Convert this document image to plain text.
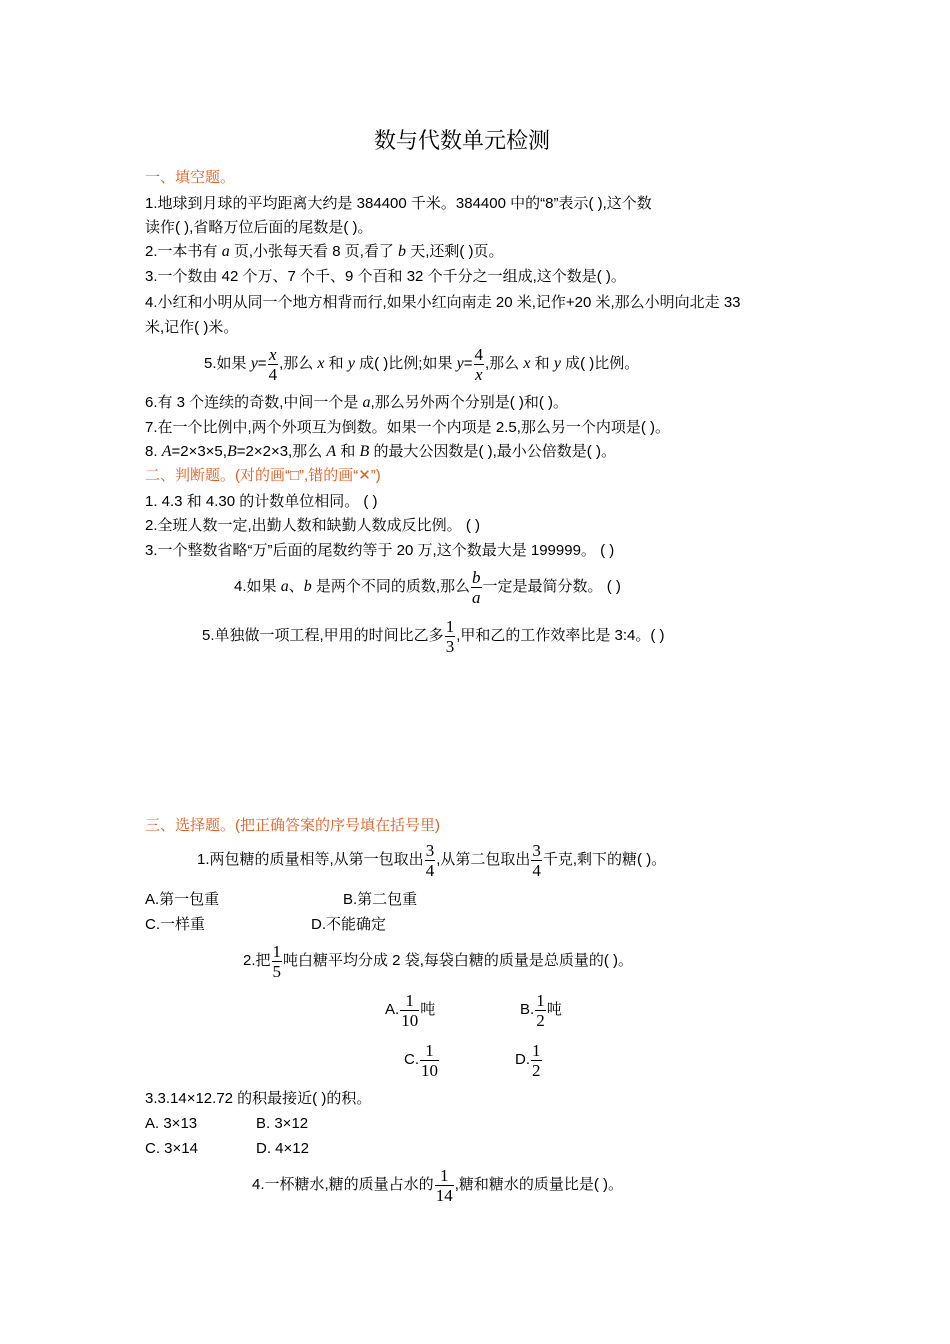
数与代数单元检测
一、填空题。
1.地球到月球的平均距离大约是 384400 千米。384400 中的“8”表示( ),这个数
读作( ),省略万位后面的尾数是( )。
2.一本书有 a 页,小张每天看 8 页,看了 b 天,还剩( )页。
3.一个数由 42 个万、7 个千、9 个百和 32 个千分之一组成,这个数是( )。
4.小红和小明从同一个地方相背而行,如果小红向南走 20 米,记作+20 米,那么小明向北走 33
米,记作( )米。
5.如果 $y= \frac{x}{4}$ ,那么 x 和 y 成( )比例;如果 $y= \frac{4}{x}$ ,那么 x 和 y 成( )比例。
6.有 3 个连续的奇数,中间一个是 a,那么另外两个分别是( )和( )。
7.在一个比例中,两个外项互为倒数。如果一个内项是 2.5,那么另一个内项是( )。
8. A=2×3×5,B=2×2×3,那么 A 和 B 的最大公因数是( ),最小公倍数是( )。
二、判断题。(对的画“□”,错的画“✕”)
1. 4.3 和 4.30 的计数单位相同。 ( )
2.全班人数一定,出勤人数和缺勤人数成反比例。 ( )
3.一个整数省略“万”后面的尾数约等于 20 万,这个数最大是 199999。 ( )
4.如果 a、b 是两个不同的质数,那么 $\frac{b}{a}$ 一定是最简分数。 ( )
5.单独做一项工程,甲用的时间比乙多 $\frac{1}{3}$ ,甲和乙的工作效率比是 3:4。( )
三、选择题。(把正确答案的序号填在括号里)
1.两包糖的质量相等,从第一包取出 $\frac{3}{4}$ ,从第二包取出 $\frac{3}{4}$ 千克,剩下的糖( )。
A.第一包重	B.第二包重
C.一样重	D.不能确定
2.把 $\frac{1}{5}$ 吨白糖平均分成 2 袋,每袋白糖的质量是总质量的( )。
A. $\frac{1}{10}$ 吨	B. $\frac{1}{2}$ 吨
C. $\frac{1}{10}$	D. $\frac{1}{2}$
3.3.14×12.72 的积最接近( )的积。
A. 3×13	B. 3×12
C. 3×14	D. 4×12
4.一杯糖水,糖的质量占水的 $\frac{1}{14}$ ,糖和糖水的质量比是( )。
